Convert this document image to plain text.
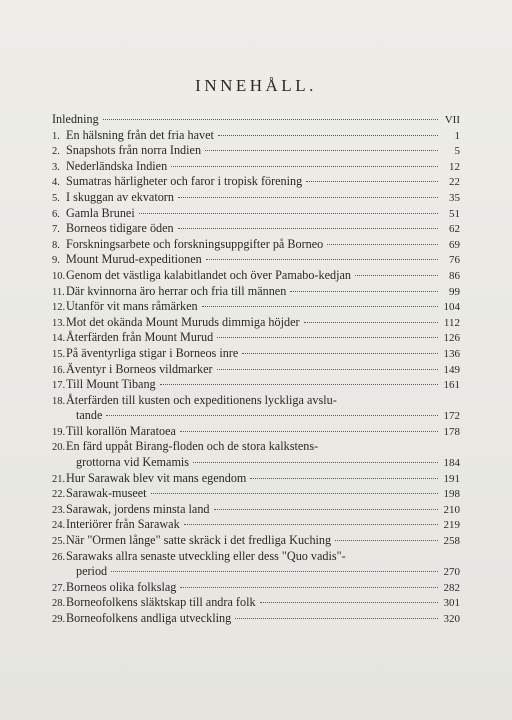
INNEHÅLL.
Inledning	VII
1. En hälsning från det fria havet	1
2. Snapshots från norra Indien	5
3. Nederländska Indien	12
4. Sumatras härligheter och faror i tropisk förening	22
5. I skuggan av ekvatorn	35
6. Gamla Brunei	51
7. Borneos tidigare öden	62
8. Forskningsarbete och forskningsuppgifter på Borneo	69
9. Mount Murud-expeditionen	76
10. Genom det västliga kalabitlandet och över Pamabo-kedjan	86
11. Där kvinnorna äro herrar och fria till männen	99
12. Utanför vit mans råmärken	104
13. Mot det okända Mount Muruds dimmiga höjder	112
14. Återfärden från Mount Murud	126
15. På äventyrliga stigar i Borneos inre	136
16. Äventyr i Borneos vildmarker	149
17. Till Mount Tibang	161
18. Återfärden till kusten och expeditionens lyckliga avslu-
tande	172
19. Till korallön Maratoea	178
20. En färd uppåt Birang-floden och de stora kalkstens-
grottorna vid Kemamis	184
21. Hur Sarawak blev vit mans egendom	191
22. Sarawak-museet	198
23. Sarawak, jordens minsta land	210
24. Interiörer från Sarawak	219
25. När "Ormen långe" satte skräck i det fredliga Kuching	258
26. Sarawaks allra senaste utveckling eller dess "Quo vadis"-
period	270
27. Borneos olika folkslag	282
28. Borneofolkens släktskap till andra folk	301
29. Borneofolkens andliga utveckling	320
